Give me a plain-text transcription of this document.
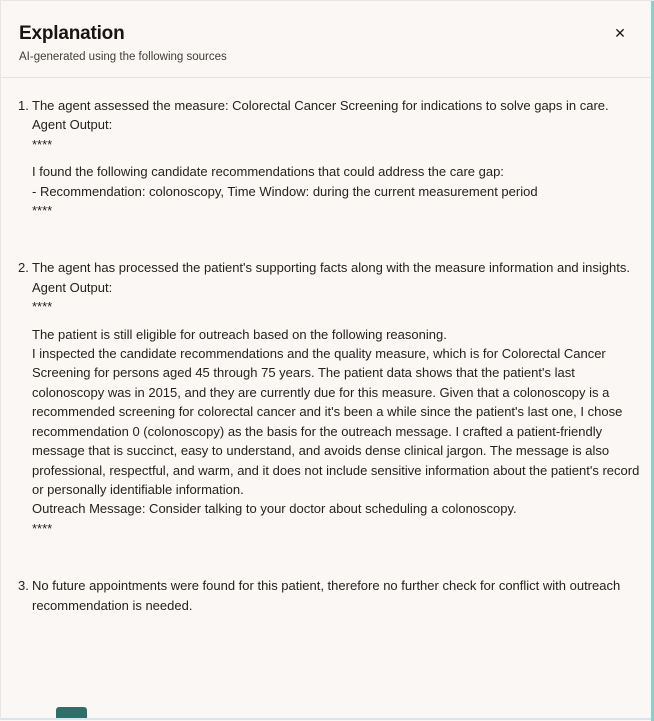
Explanation
AI-generated using the following sources
✕
1. The agent assessed the measure: Colorectal Cancer Screening for indications to solve gaps in care.
Agent Output:
****
I found the following candidate recommendations that could address the care gap:
- Recommendation: colonoscopy, Time Window: during the current measurement period
****
2. The agent has processed the patient's supporting facts along with the measure information and insights.
Agent Output:
****
The patient is still eligible for outreach based on the following reasoning.
I inspected the candidate recommendations and the quality measure, which is for Colorectal Cancer Screening for persons aged 45 through 75 years. The patient data shows that the patient's last colonoscopy was in 2015, and they are currently due for this measure. Given that a colonoscopy is a recommended screening for colorectal cancer and it's been a while since the patient's last one, I chose recommendation 0 (colonoscopy) as the basis for the outreach message. I crafted a patient-friendly message that is succinct, easy to understand, and avoids dense clinical jargon. The message is also professional, respectful, and warm, and it does not include sensitive information about the patient's record or personally identifiable information.
Outreach Message: Consider talking to your doctor about scheduling a colonoscopy.
****
3. No future appointments were found for this patient, therefore no further check for conflict with outreach recommendation is needed.
